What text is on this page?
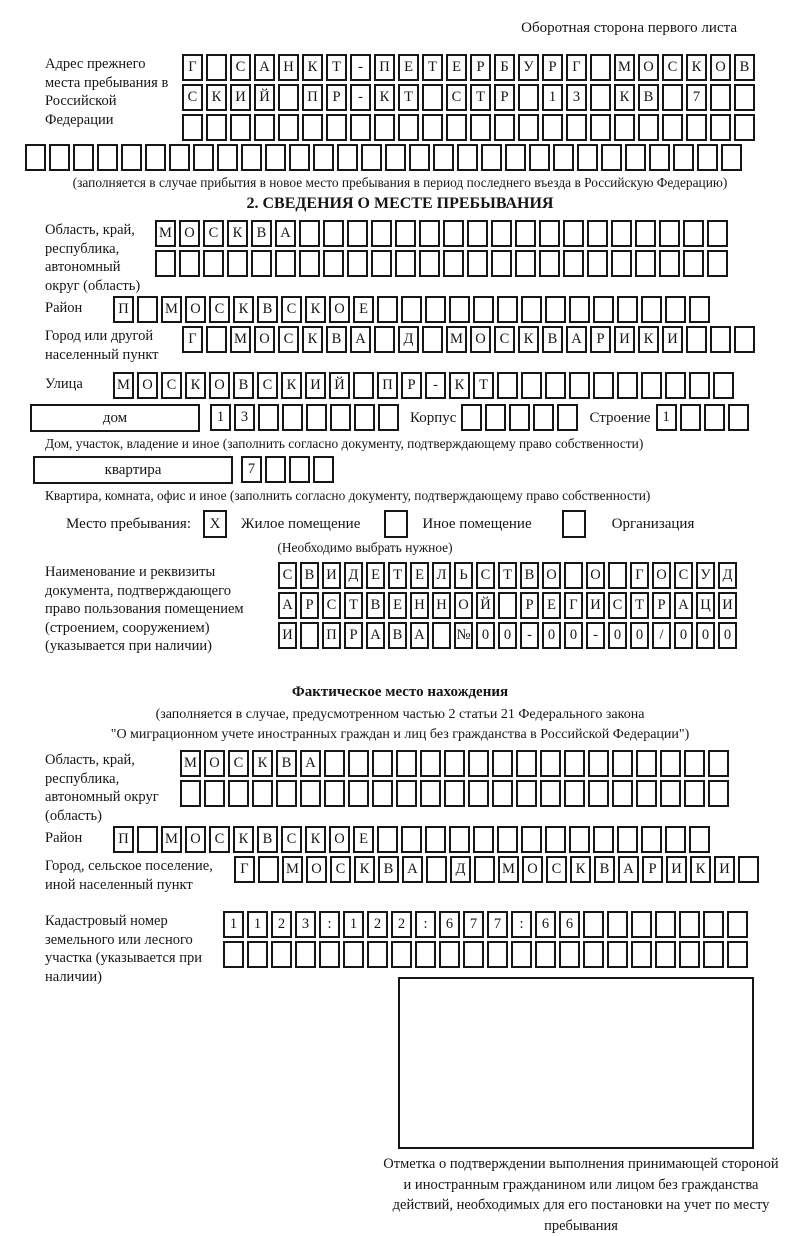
Оборотная сторона первого листа
Адрес прежнего места пребывания в Российской Федерации
Г	С А Н К	Т	-	П Е	Т	Е	Р	Б	У	Р	Г	М О С К О В
С К И Й	П	Р	-	К	Т	С	Т	Р	1	3	К В	7
(заполняется в случае прибытия в новое место пребывания в период последнего въезда в Российскую Федерацию)
2. СВЕДЕНИЯ О МЕСТЕ ПРЕБЫВАНИЯ
Область, край, республика, автономный округ (область)
М О С К В А
Район	П	М О С К В С К О Е
Город или другой населенный пункт
Г	М О С К В А	Д	М О С К В А	Р	И К И
Улица	М О С К О В С К И Й	П	Р	-	К	Т
дом	1	3	Корпус	Строение 1
Дом, участок, владение и иное (заполнить согласно документу, подтверждающему право собственности)
квартира	7
Квартира, комната, офис и иное (заполнить согласно документу, подтверждающему право собственности)
Место пребывания:	X	Жилое помещение	Иное помещение	Организация
(Необходимо выбрать нужное)
Наименование и реквизиты документа, подтверждающего право пользования помещением (строением, сооружением) (указывается при наличии)
С В И Д Е Т Е Л Ь С Т В О О	Г О С У Д
А Р С Т В Е Н Н О Й	Р Е Г И С Т Р А Ц И
И П Р А В А № 0	0	-	0	0	-	0	0	/	0	0	0
Фактическое место нахождения
(заполняется в случае, предусмотренном частью 2 статьи 21 Федерального закона
"О миграционном учете иностранных граждан и лиц без гражданства в Российской Федерации")
Область, край, республика, автономный округ (область)
М О С К В А
Район	П	М О С К В С К О Е
Город, сельское поселение, иной населенный пункт
Г	М О С К В А	Д	М О С К В А	Р	И К И
Кадастровый номер земельного или лесного участка (указывается при наличии)
1	1	2	3	:	1	2	2	:	6	7	7	:	6	6
Отметка о подтверждении выполнения принимающей стороной и иностранным гражданином или лицом без гражданства действий, необходимых для его постановки на учет по месту пребывания
